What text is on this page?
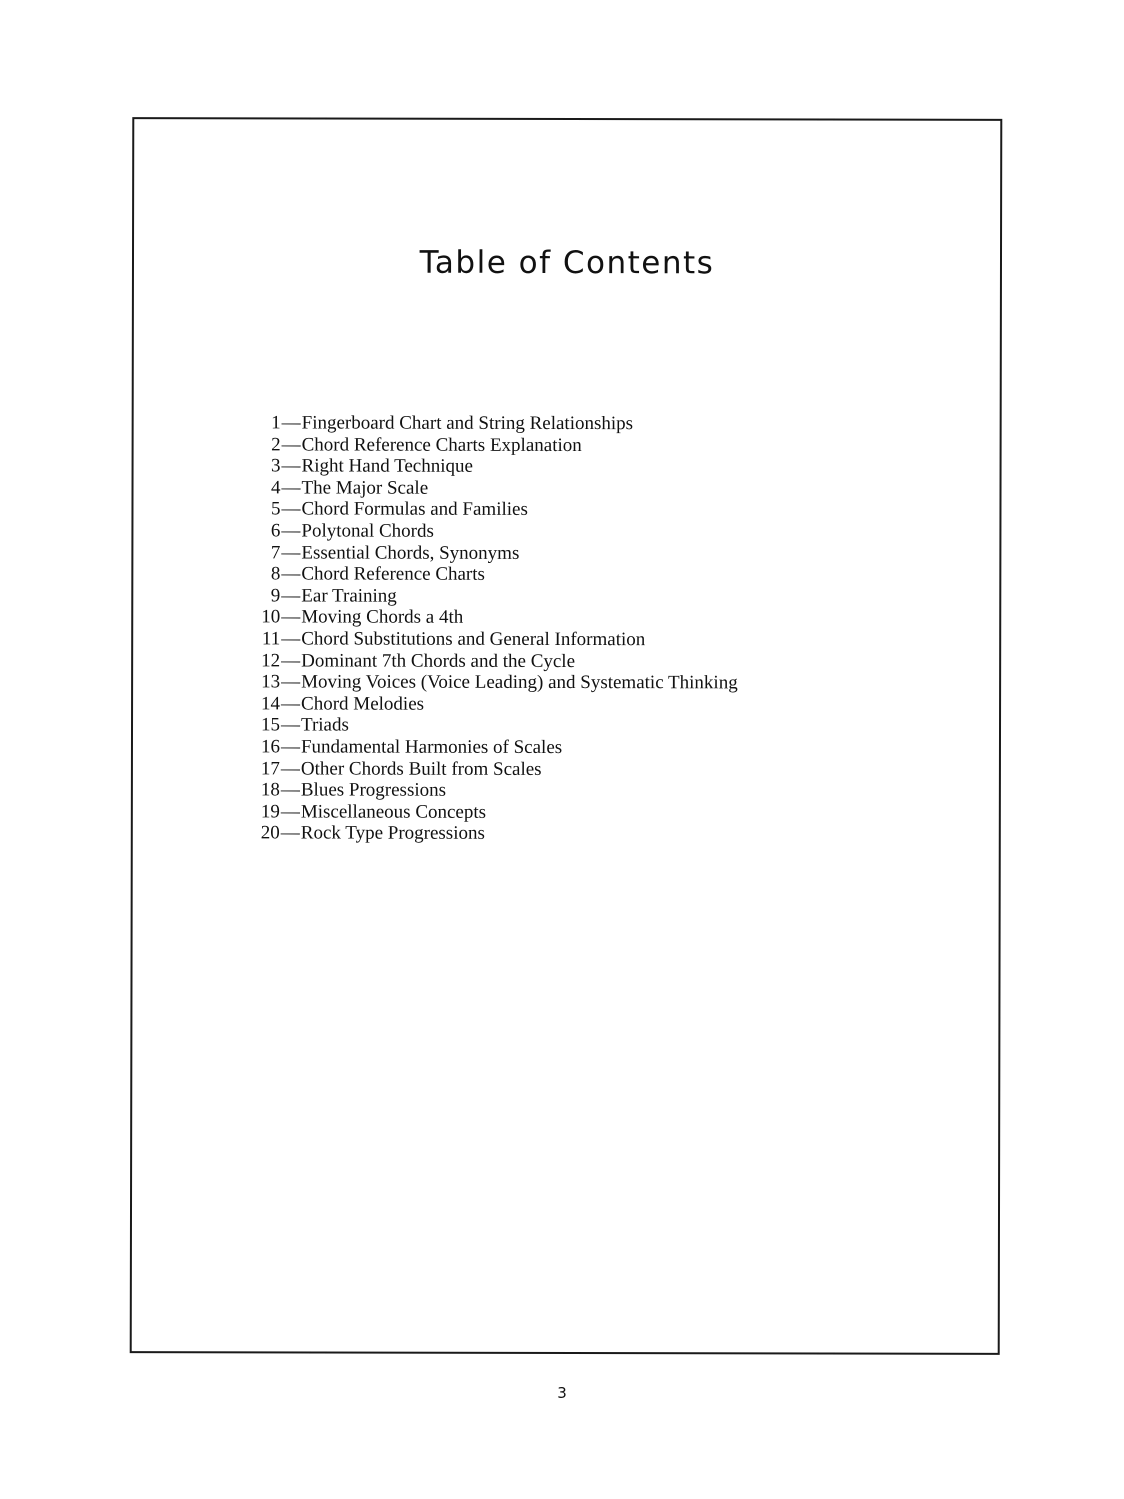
Table of Contents
1 — Fingerboard Chart and String Relationships
2 — Chord Reference Charts Explanation
3 — Right Hand Technique
4 — The Major Scale
5 — Chord Formulas and Families
6 — Polytonal Chords
7 — Essential Chords, Synonyms
8 — Chord Reference Charts
9 — Ear Training
10 — Moving Chords a 4th
11 — Chord Substitutions and General Information
12 — Dominant 7th Chords and the Cycle
13 — Moving Voices (Voice Leading) and Systematic Thinking
14 — Chord Melodies
15 — Triads
16 — Fundamental Harmonies of Scales
17 — Other Chords Built from Scales
18 — Blues Progressions
19 — Miscellaneous Concepts
20 — Rock Type Progressions
3
